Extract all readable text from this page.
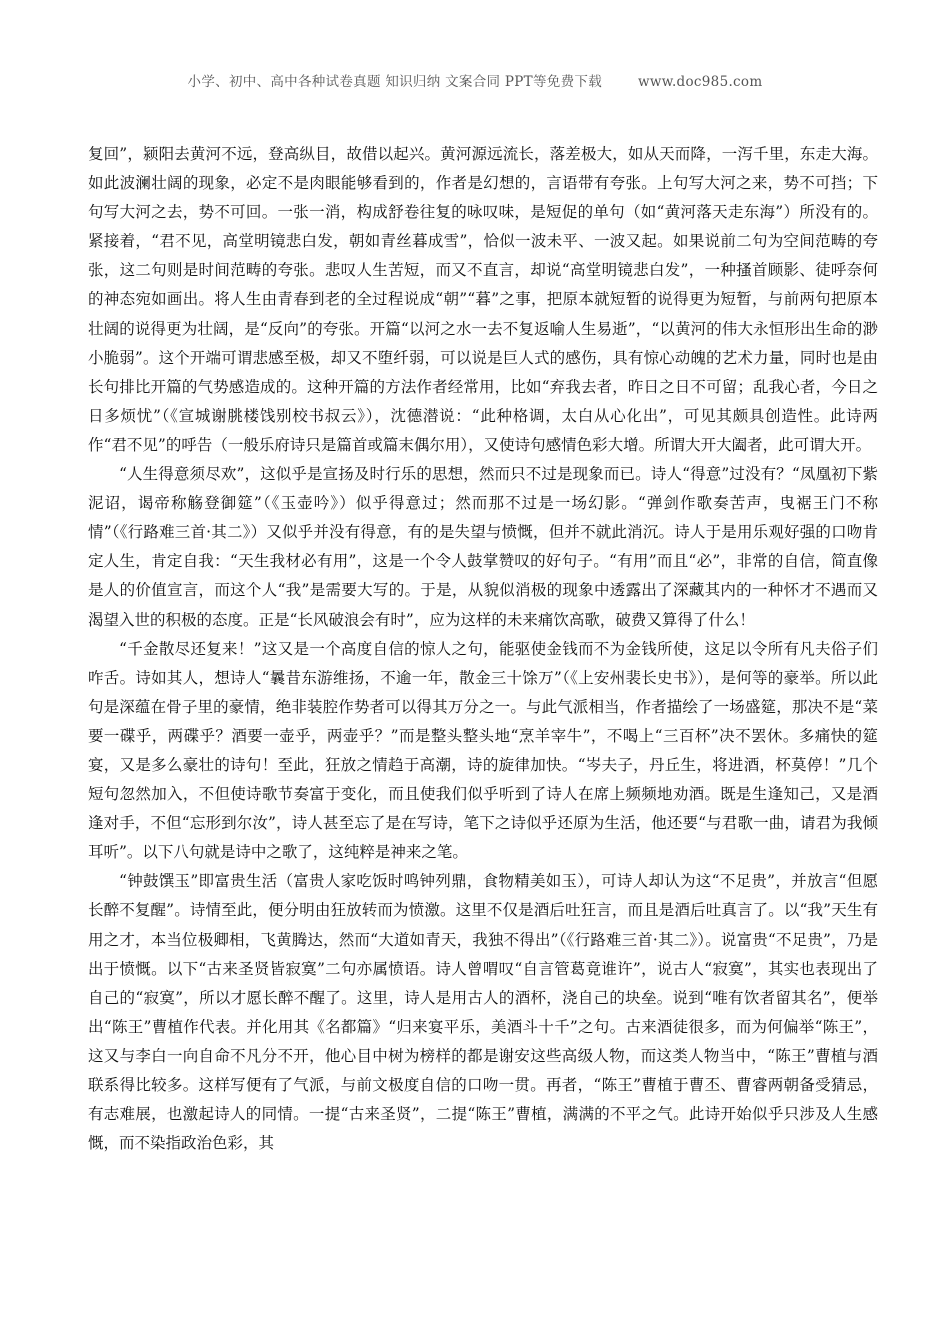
小学、初中、高中各种试卷真题 知识归纳 文案合同 PPT等免费下载	www.doc985.com

复回”，颍阳去黄河不远，登高纵目，故借以起兴。黄河源远流长，落差极大，如从天而降，一泻千里，东走大海。如此波澜壮阔的现象，必定不是肉眼能够看到的，作者是幻想的，言语带有夸张。上句写大河之来，势不可挡；下句写大河之去，势不可回。一张一消，构成舒卷往复的咏叹味，是短促的单句（如“黄河落天走东海”）所没有的。紧接着，“君不见，高堂明镜悲白发，朝如青丝暮成雪”，恰似一波未平、一波又起。如果说前二句为空间范畴的夸张，这二句则是时间范畴的夸张。悲叹人生苦短，而又不直言，却说“高堂明镜悲白发”，一种搔首顾影、徒呼奈何的神态宛如画出。将人生由青春到老的全过程说成“朝”“暮”之事，把原本就短暂的说得更为短暂，与前两句把原本壮阔的说得更为壮阔，是“反向”的夸张。开篇“以河之水一去不复返喻人生易逝”，“以黄河的伟大永恒形出生命的渺小脆弱”。这个开端可谓悲感至极，却又不堕纤弱，可以说是巨人式的感伤，具有惊心动魄的艺术力量，同时也是由长句排比开篇的气势感造成的。这种开篇的方法作者经常用，比如“弃我去者，昨日之日不可留；乱我心者，今日之日多烦忧”（《宣城谢朓楼饯别校书叔云》），沈德潜说：“此种格调，太白从心化出”，可见其颇具创造性。此诗两作“君不见”的呼告（一般乐府诗只是篇首或篇末偶尔用），又使诗句感情色彩大增。所谓大开大阖者，此可谓大开。

“人生得意须尽欢”，这似乎是宣扬及时行乐的思想，然而只不过是现象而已。诗人“得意”过没有？“凤凰初下紫泥诏，谒帝称觞登御筵”（《玉壶吟》）似乎得意过；然而那不过是一场幻影。“弹剑作歌奏苦声，曳裾王门不称情”（《行路难三首·其二》）又似乎并没有得意，有的是失望与愤慨，但并不就此消沉。诗人于是用乐观好强的口吻肯定人生，肯定自我：“天生我材必有用”，这是一个令人鼓掌赞叹的好句子。“有用”而且“必”，非常的自信，简直像是人的价值宣言，而这个人“我”是需要大写的。于是，从貌似消极的现象中透露出了深藏其内的一种怀才不遇而又渴望入世的积极的态度。正是“长风破浪会有时”，应为这样的未来痛饮高歌，破费又算得了什么！

“千金散尽还复来！”这又是一个高度自信的惊人之句，能驱使金钱而不为金钱所使，这足以令所有凡夫俗子们咋舌。诗如其人，想诗人“曩昔东游维扬，不逾一年，散金三十馀万”（《上安州裴长史书》），是何等的豪举。所以此句是深蕴在骨子里的豪情，绝非装腔作势者可以得其万分之一。与此气派相当，作者描绘了一场盛筵，那决不是“菜要一碟乎，两碟乎？酒要一壶乎，两壶乎？”而是整头整头地“烹羊宰牛”，不喝上“三百杯”决不罢休。多痛快的筵宴，又是多么豪壮的诗句！至此，狂放之情趋于高潮，诗的旋律加快。“岑夫子，丹丘生，将进酒，杯莫停！”几个短句忽然加入，不但使诗歌节奏富于变化，而且使我们似乎听到了诗人在席上频频地劝酒。既是生逢知己，又是酒逢对手，不但“忘形到尔汝”，诗人甚至忘了是在写诗，笔下之诗似乎还原为生活，他还要“与君歌一曲，请君为我倾耳听”。以下八句就是诗中之歌了，这纯粹是神来之笔。

“钟鼓馔玉”即富贵生活（富贵人家吃饭时鸣钟列鼎，食物精美如玉），可诗人却认为这“不足贵”，并放言“但愿长醉不复醒”。诗情至此，便分明由狂放转而为愤激。这里不仅是酒后吐狂言，而且是酒后吐真言了。以“我”天生有用之才，本当位极卿相，飞黄腾达，然而“大道如青天，我独不得出”（《行路难三首·其二》）。说富贵“不足贵”，乃是出于愤慨。以下“古来圣贤皆寂寞”二句亦属愤语。诗人曾喟叹“自言管葛竟谁许”，说古人“寂寞”，其实也表现出了自己的“寂寞”，所以才愿长醉不醒了。这里，诗人是用古人的酒杯，浇自己的块垒。说到“唯有饮者留其名”，便举出“陈王”曹植作代表。并化用其《名都篇》“归来宴平乐，美酒斗十千”之句。古来酒徒很多，而为何偏举“陈王”，这又与李白一向自命不凡分不开，他心目中树为榜样的都是谢安这些高级人物，而这类人物当中，“陈王”曹植与酒联系得比较多。这样写便有了气派，与前文极度自信的口吻一贯。再者，“陈王”曹植于曹丕、曹睿两朝备受猜忌，有志难展，也激起诗人的同情。一提“古来圣贤”，二提“陈王”曹植，满满的不平之气。此诗开始似乎只涉及人生感慨，而不染指政治色彩，其
